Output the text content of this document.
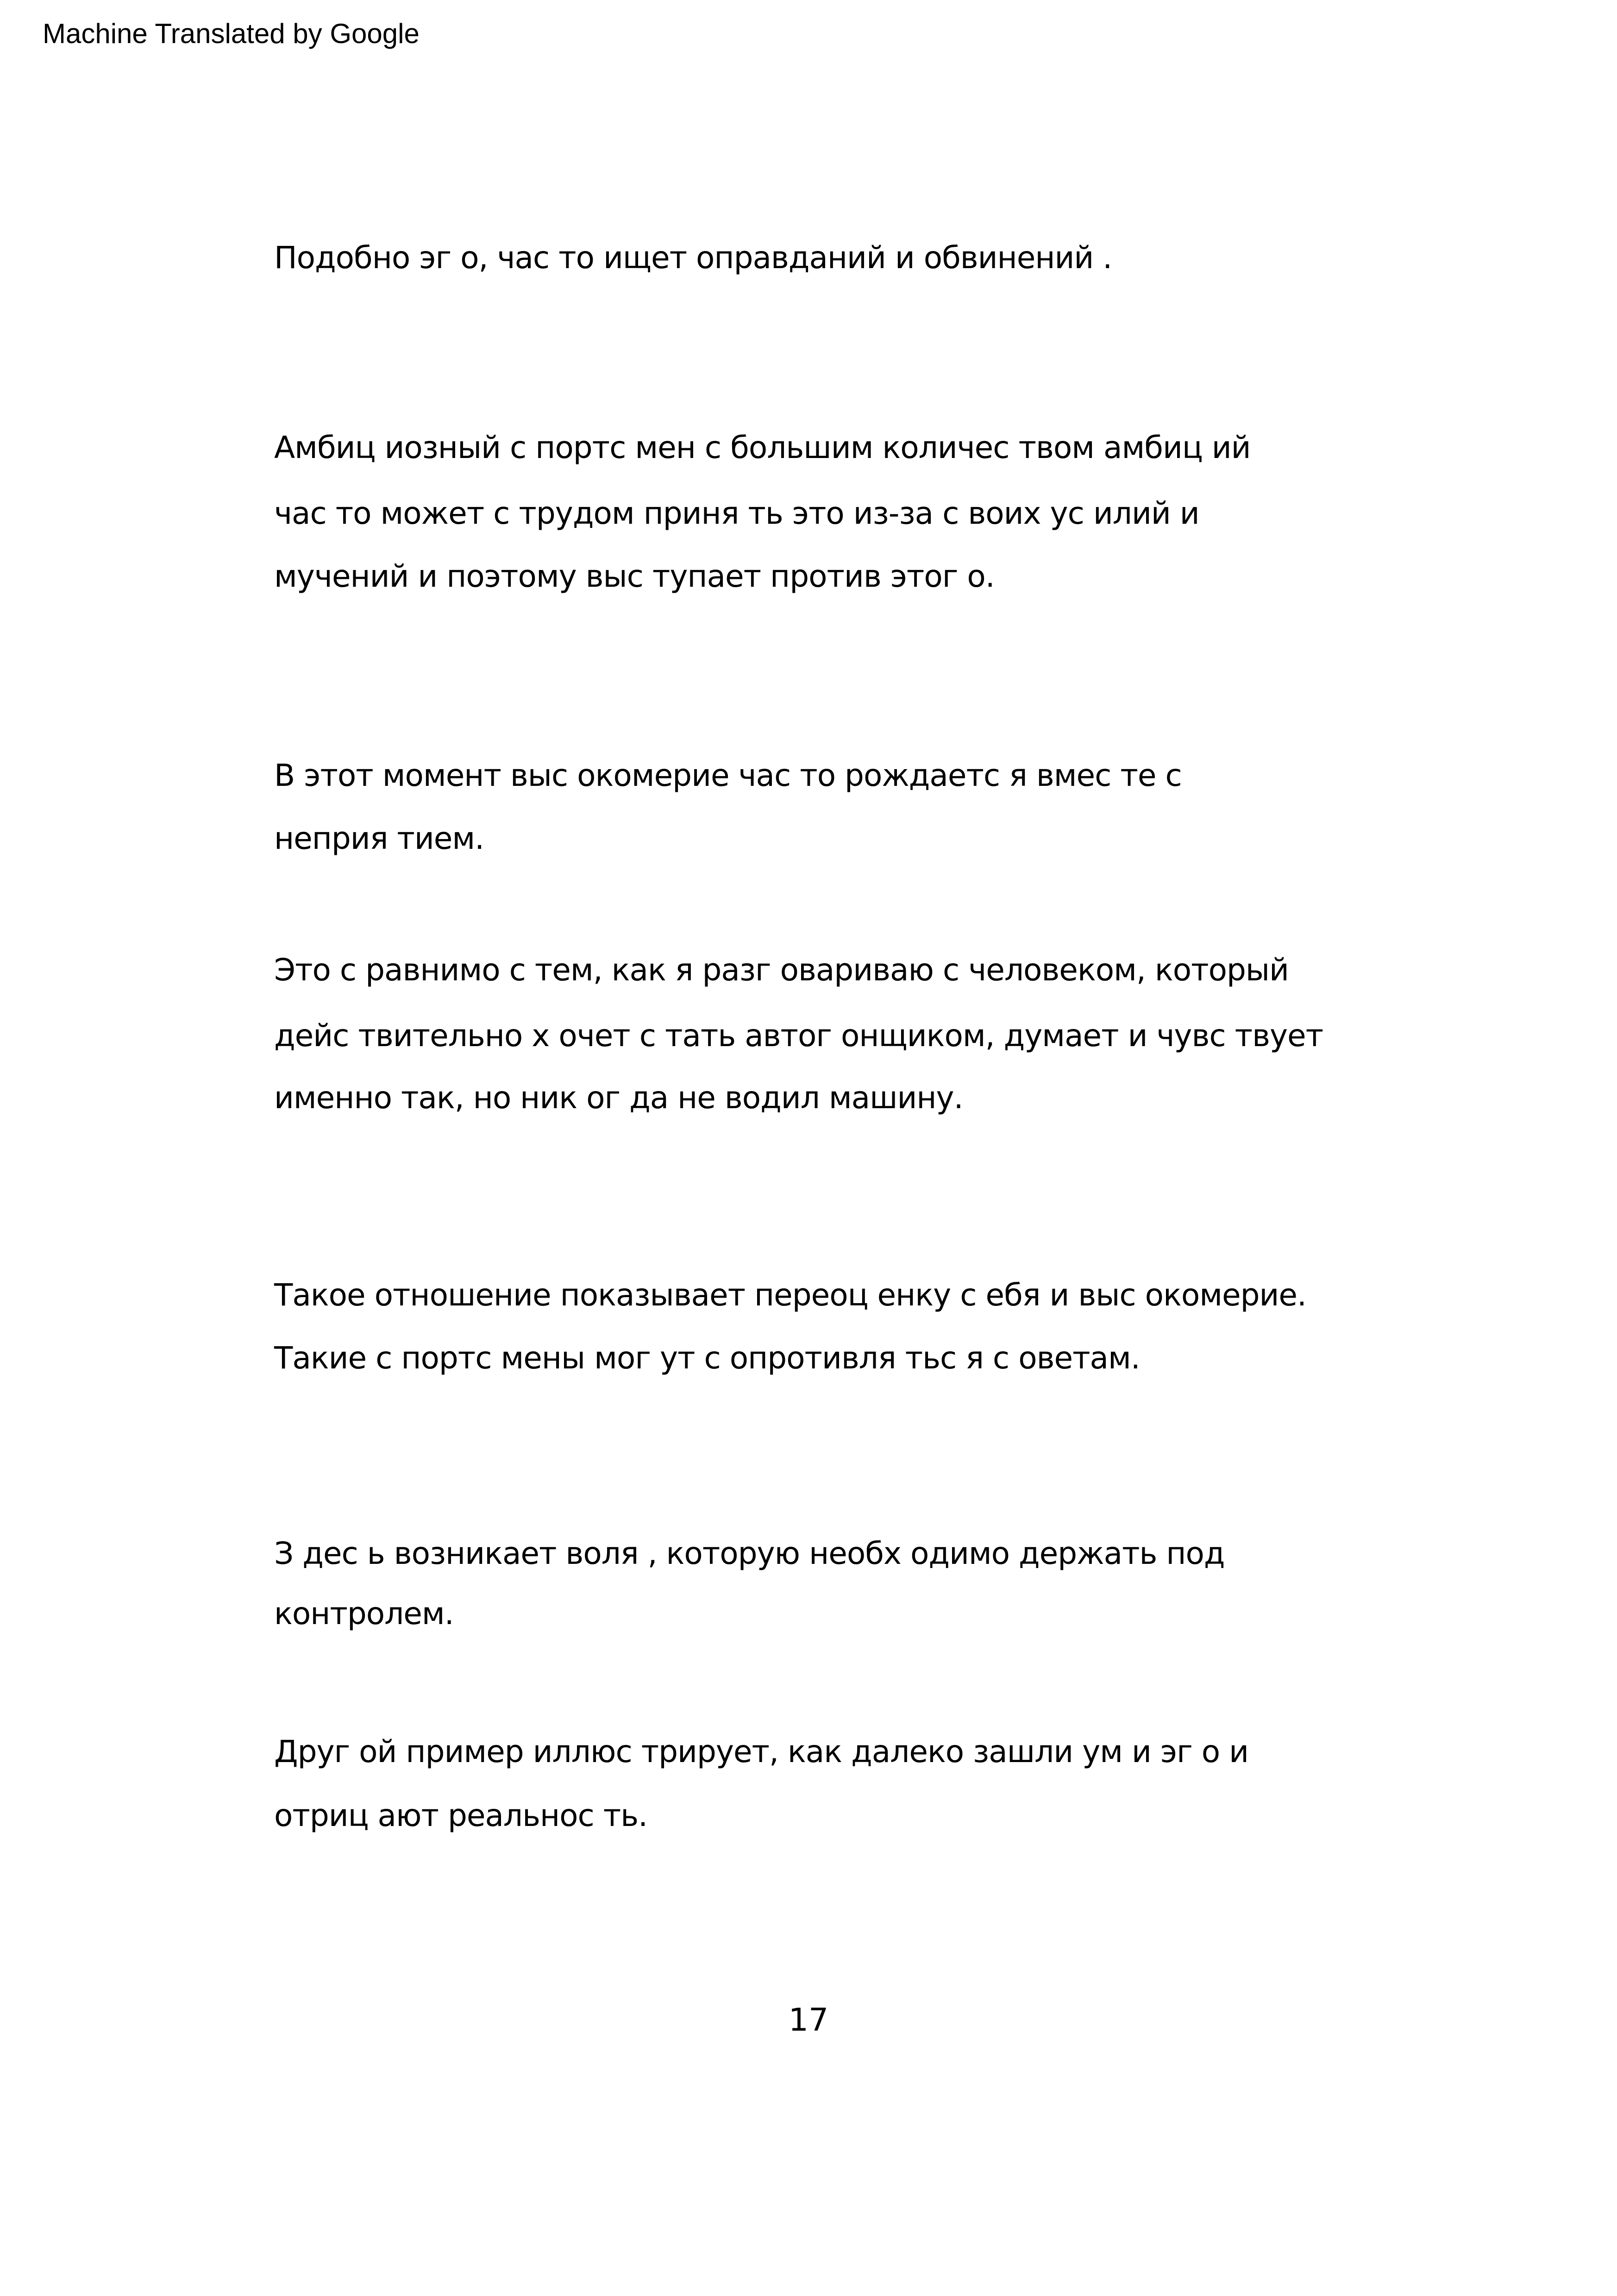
Machine Translated by Google
Подобно эг о, час то ищет оправданий и обвинений .
Амбиц иозный с портс мен с большим количес твом амбиц ий
час то может с трудом приня ть это из-за с воих ус илий и
мучений и поэтому выс тупает против этог о.
В этот момент выс окомерие час то рождаетс я вмес те с
неприя тием.
Это с равнимо с тем, как я разг овариваю с человеком, который
дейс твительно х очет с тать автог онщиком, думает и чувс твует
именно так, но ник ог да не водил машину.
Такое отношение показывает переоц енку с ебя и выс окомерие.
Такие с портс мены мог ут с опротивля тьс я с оветам.
З дес ь возникает воля , которую необх одимо держать под
контролем.
Друг ой пример иллюс трирует, как далеко зашли ум и эг о и
отриц ают реальнос ть.
17
